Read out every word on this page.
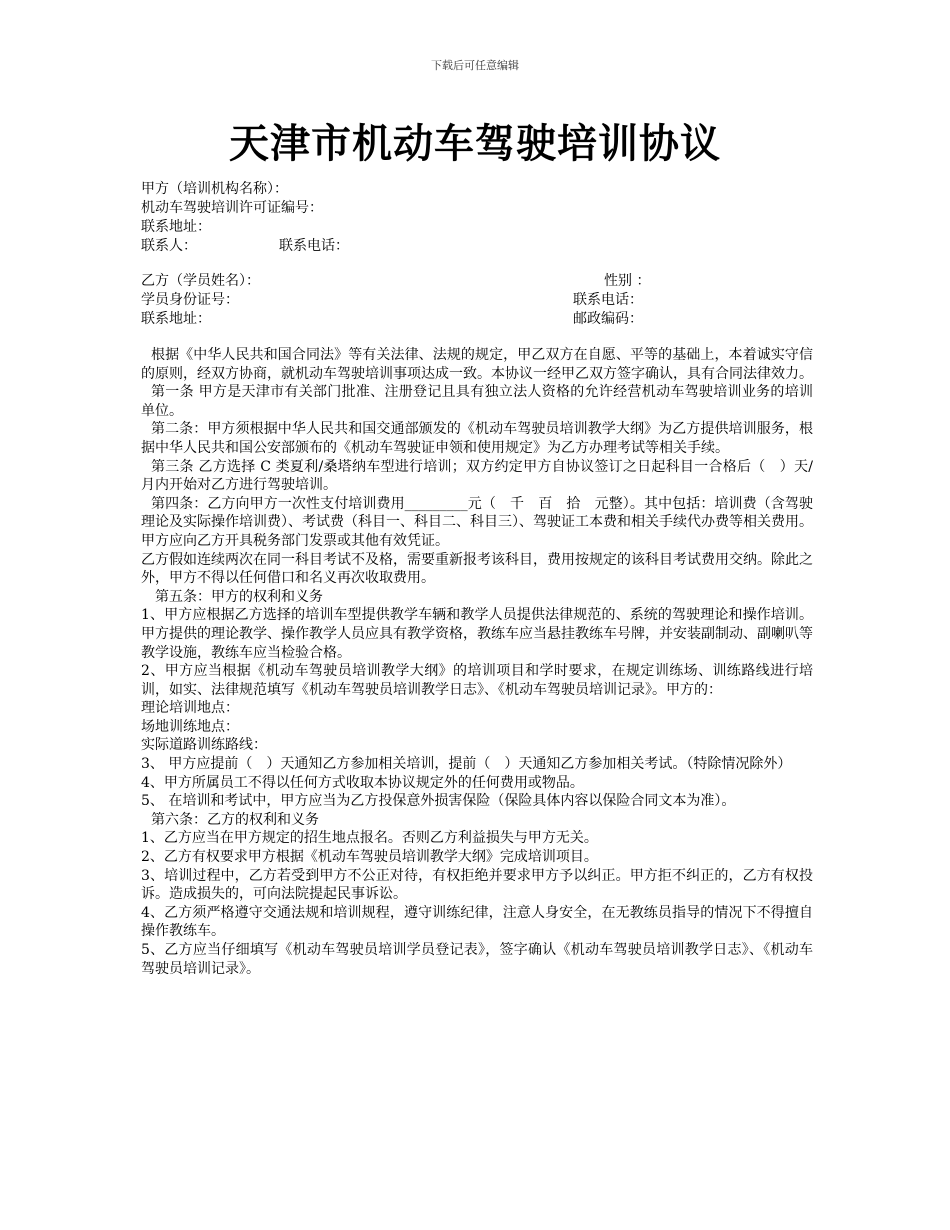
下载后可任意编辑
天津市机动车驾驶培训协议
甲方（培训机构名称）：
机动车驾驶培训许可证编号：
联系地址：
联系人：	联系电话：
乙方（学员姓名）：	性别 ：
学员身份证号：	联系电话：
联系地址：	邮政编码：

根据《中华人民共和国合同法》等有关法律、法规的规定，甲乙双方在自愿、平等的基础上，本着诚实守信的原则，经双方协商，就机动车驾驶培训事项达成一致。本协议一经甲乙双方签字确认，具有合同法律效力。

第一条 甲方是天津市有关部门批准、注册登记且具有独立法人资格的允许经营机动车驾驶培训业务的培训单位。

第二条：甲方须根据中华人民共和国交通部颁发的《机动车驾驶员培训教学大纲》为乙方提供培训服务，根据中华人民共和国公安部颁布的《机动车驾驶证申领和使用规定》为乙方办理考试等相关手续。

第三条 乙方选择 C 类夏利/桑塔纳车型进行培训；双方约定甲方自协议签订之日起科目一合格后（　）天/月内开始对乙方进行驾驶培训。

第四条：乙方向甲方一次性支付培训费用_________元（　千　百　拾　元整）。其中包括：培训费（含驾驶理论及实际操作培训费）、考试费（科目一、科目二、科目三）、驾驶证工本费和相关手续代办费等相关费用。

甲方应向乙方开具税务部门发票或其他有效凭证。

乙方假如连续两次在同一科目考试不及格，需要重新报考该科目，费用按规定的该科目考试费用交纳。除此之外，甲方不得以任何借口和名义再次收取费用。

第五条：甲方的权利和义务

1、甲方应根据乙方选择的培训车型提供教学车辆和教学人员提供法律规范的、系统的驾驶理论和操作培训。甲方提供的理论教学、操作教学人员应具有教学资格，教练车应当悬挂教练车号牌，并安装副制动、副喇叭等教学设施，教练车应当检验合格。

2、甲方应当根据《机动车驾驶员培训教学大纲》的培训项目和学时要求，在规定训练场、训练路线进行培训，如实、法律规范填写《机动车驾驶员培训教学日志》、《机动车驾驶员培训记录》。甲方的：

理论培训地点：

场地训练地点：

实际道路训练路线：

3、 甲方应提前（　）天通知乙方参加相关培训，提前（　）天通知乙方参加相关考试。（特除情况除外）

4、甲方所属员工不得以任何方式收取本协议规定外的任何费用或物品。

5、 在培训和考试中，甲方应当为乙方投保意外损害保险（保险具体内容以保险合同文本为准）。

第六条：乙方的权利和义务

1、乙方应当在甲方规定的招生地点报名。否则乙方利益损失与甲方无关。

2、乙方有权要求甲方根据《机动车驾驶员培训教学大纲》完成培训项目。

3、培训过程中，乙方若受到甲方不公正对待，有权拒绝并要求甲方予以纠正。甲方拒不纠正的，乙方有权投诉。造成损失的，可向法院提起民事诉讼。

4、乙方须严格遵守交通法规和培训规程，遵守训练纪律，注意人身安全，在无教练员指导的情况下不得擅自操作教练车。

5、乙方应当仔细填写《机动车驾驶员培训学员登记表》，签字确认《机动车驾驶员培训教学日志》、《机动车驾驶员培训记录》。
